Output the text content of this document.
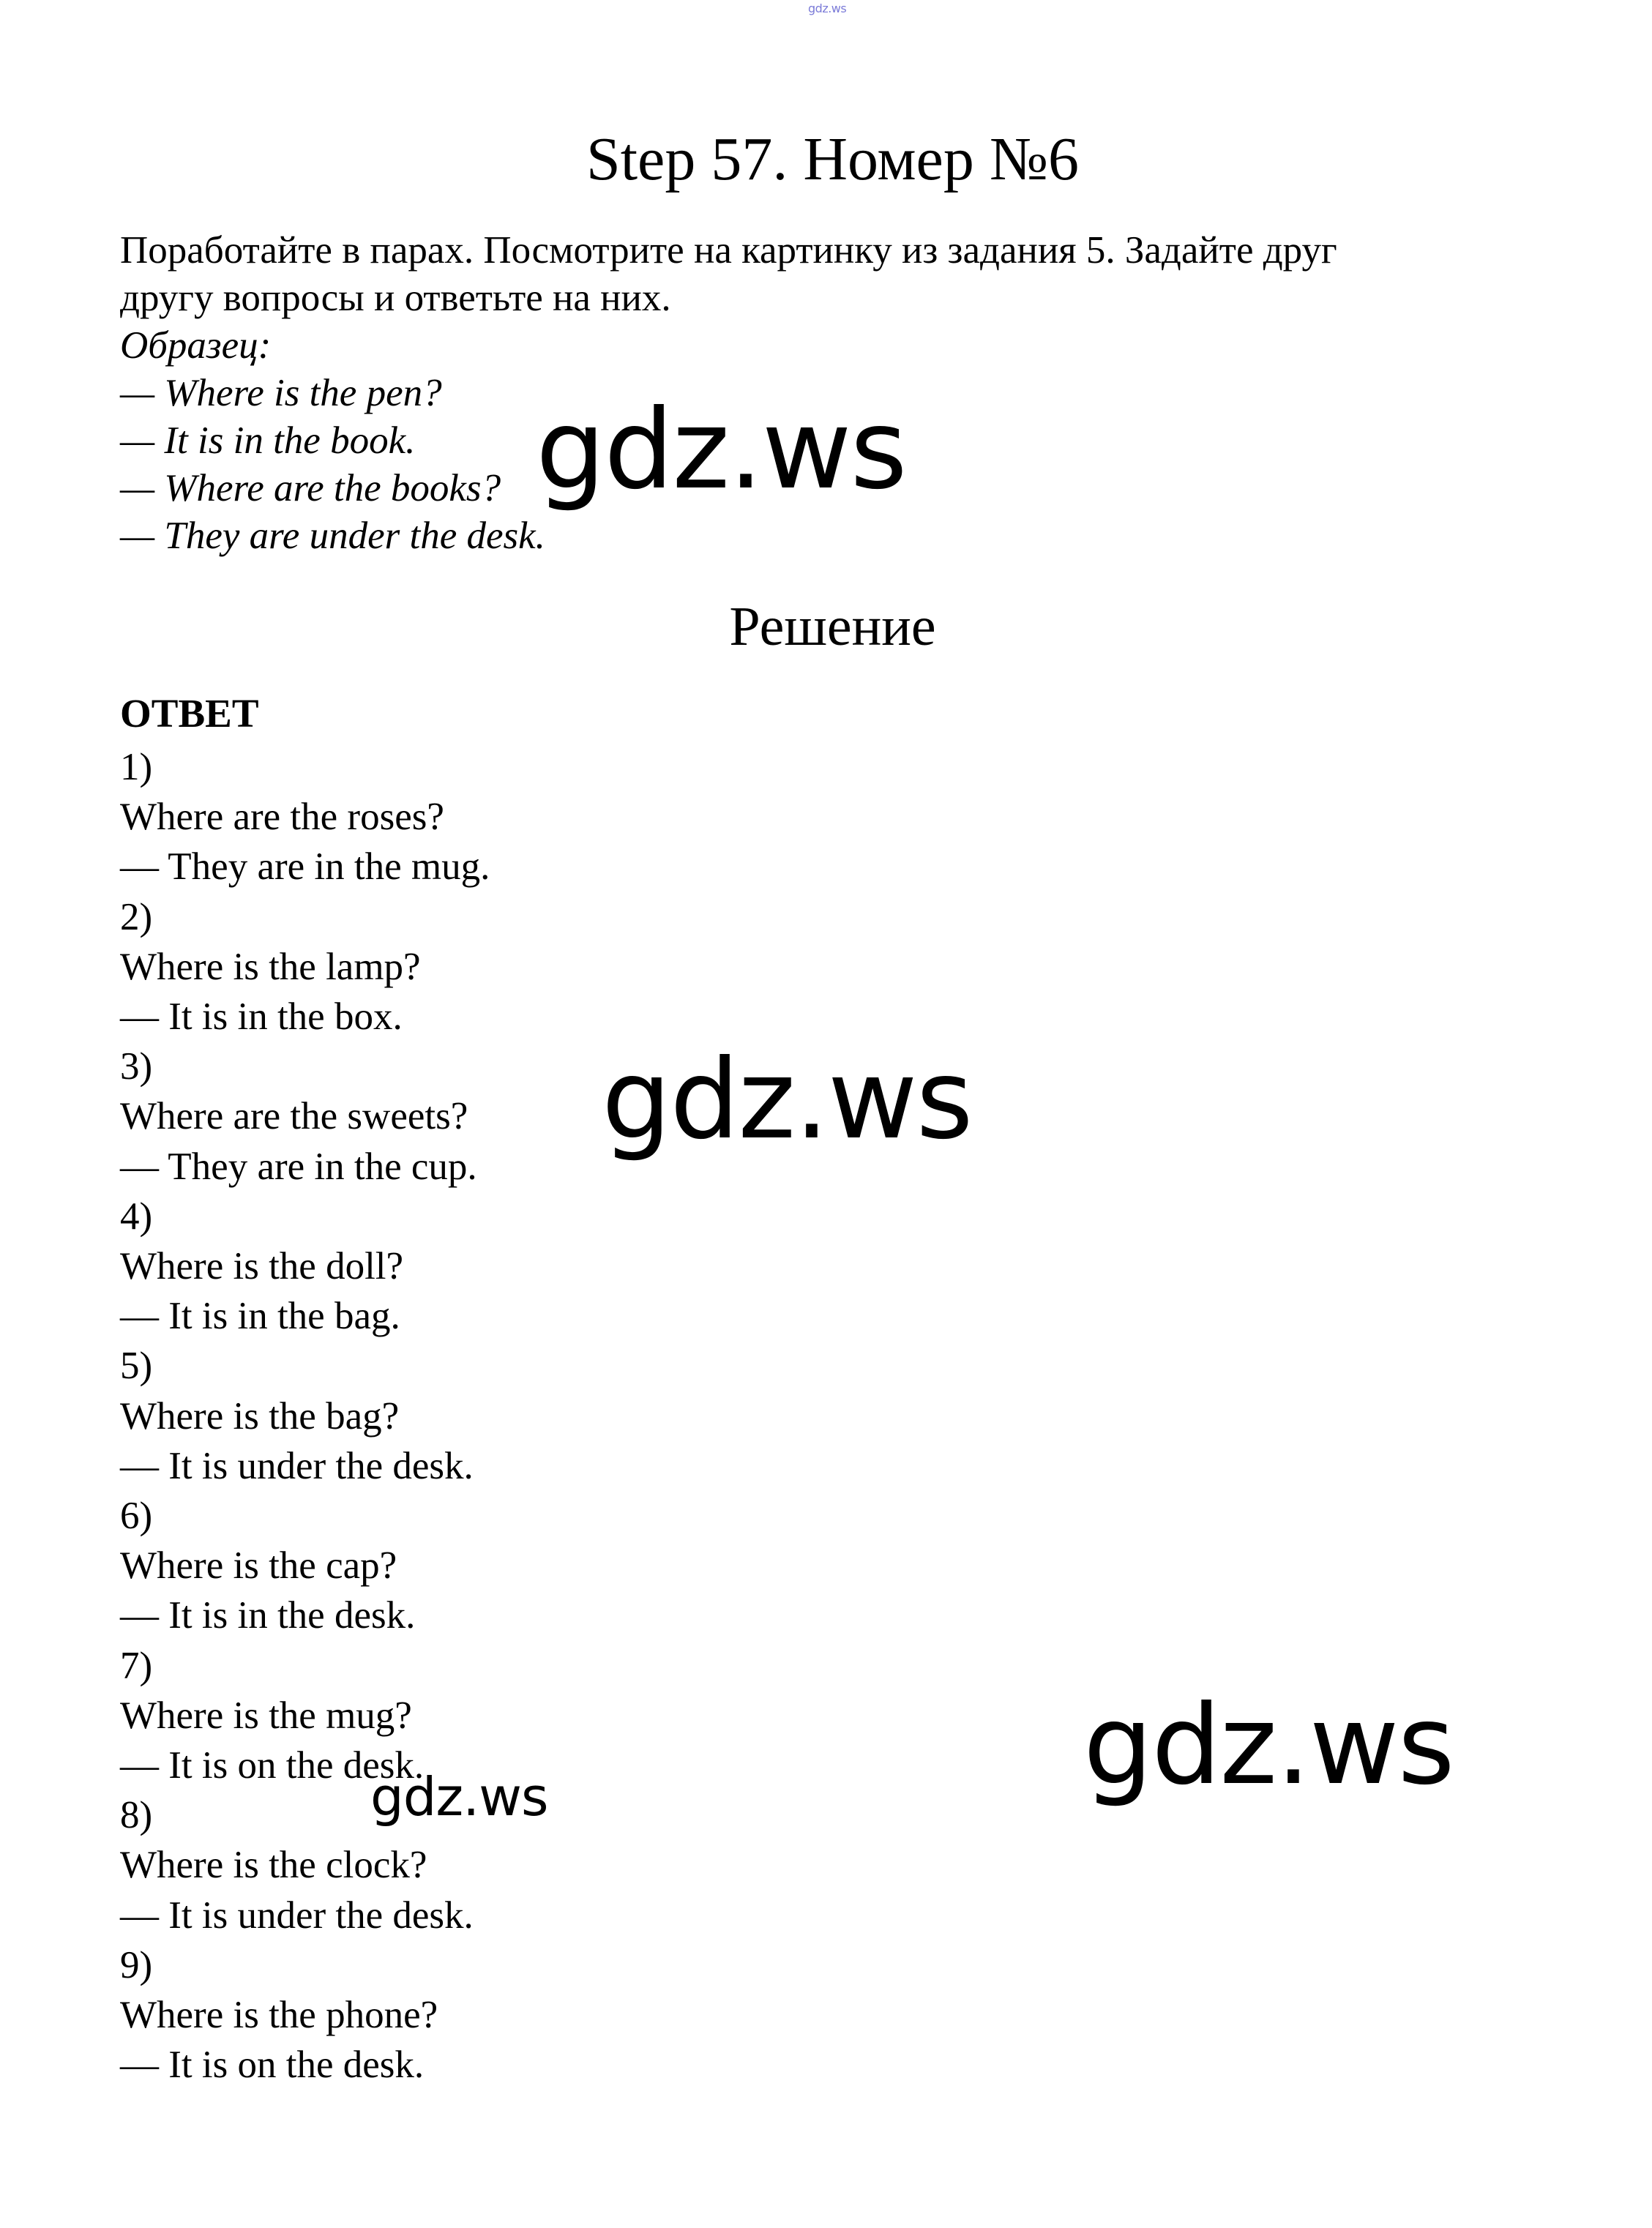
gdz.ws
Step 57. Номер №6

Поработайте в парах. Посмотрите на картинку из задания 5. Задайте друг

другу вопросы и ответьте на них.

Образец:
— Where is the pen?
— It is in the book.
— Where are the books?
— They are under the desk.
Решение
ОТВЕТ
1)
Where are the roses?
— They are in the mug.
2)
Where is the lamp?
— It is in the box.
3)
Where are the sweets?
— They are in the cup.
4)
Where is the doll?
— It is in the bag.
5)
Where is the bag?
— It is under the desk.
6)
Where is the cap?
— It is in the desk.
7)
Where is the mug?
— It is on the desk.
8)
Where is the clock?
— It is under the desk.
9)
Where is the phone?
— It is on the desk.
gdz.ws
gdz.ws
gdz.ws
gdz.ws
